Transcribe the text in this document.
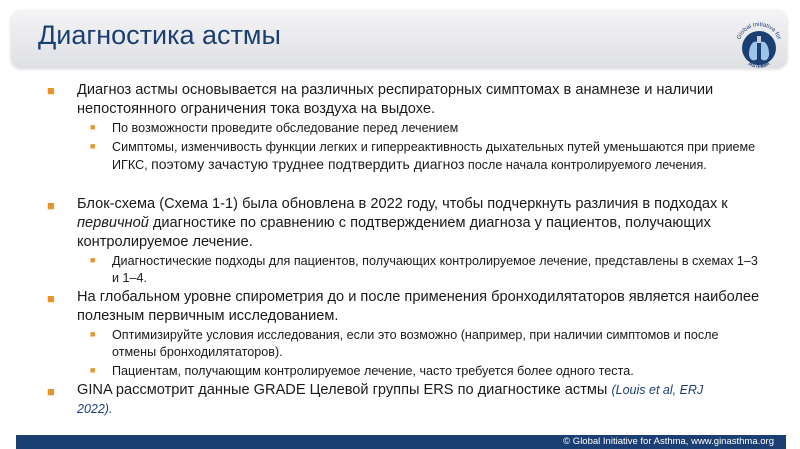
Диагностика астмы	Global Initiative for
ASTHMA
■ Диагноз астмы основывается на различных респираторных симптомах в анамнезе и наличии непостоянного ограничения тока воздуха на выдохе.
■ По возможности проведите обследование перед лечением
■ Симптомы, изменчивость функции легких и гиперреактивность дыхательных путей уменьшаются при приеме ИГКС, поэтому зачастую труднее подтвердить диагноз после начала контролируемого лечения.
■ Блок-схема (Схема 1-1) была обновлена в 2022 году, чтобы подчеркнуть различия в подходах к первичной диагностике по сравнению с подтверждением диагноза у пациентов, получающих контролируемое лечение.
■ Диагностические подходы для пациентов, получающих контролируемое лечение, представлены в схемах 1–3 и 1–4.
■ На глобальном уровне спирометрия до и после применения бронходилятаторов является наиболее полезным первичным исследованием.
■ Оптимизируйте условия исследования, если это возможно (например, при наличии симптомов и после отмены бронходилятаторов).
■ Пациентам, получающим контролируемое лечение, часто требуется более одного теста.
■ GINA рассмотрит данные GRADE Целевой группы ERS по диагностике астмы (Louis et al, ERJ 2022).
© Global Initiative for Asthma, www.ginasthma.org
